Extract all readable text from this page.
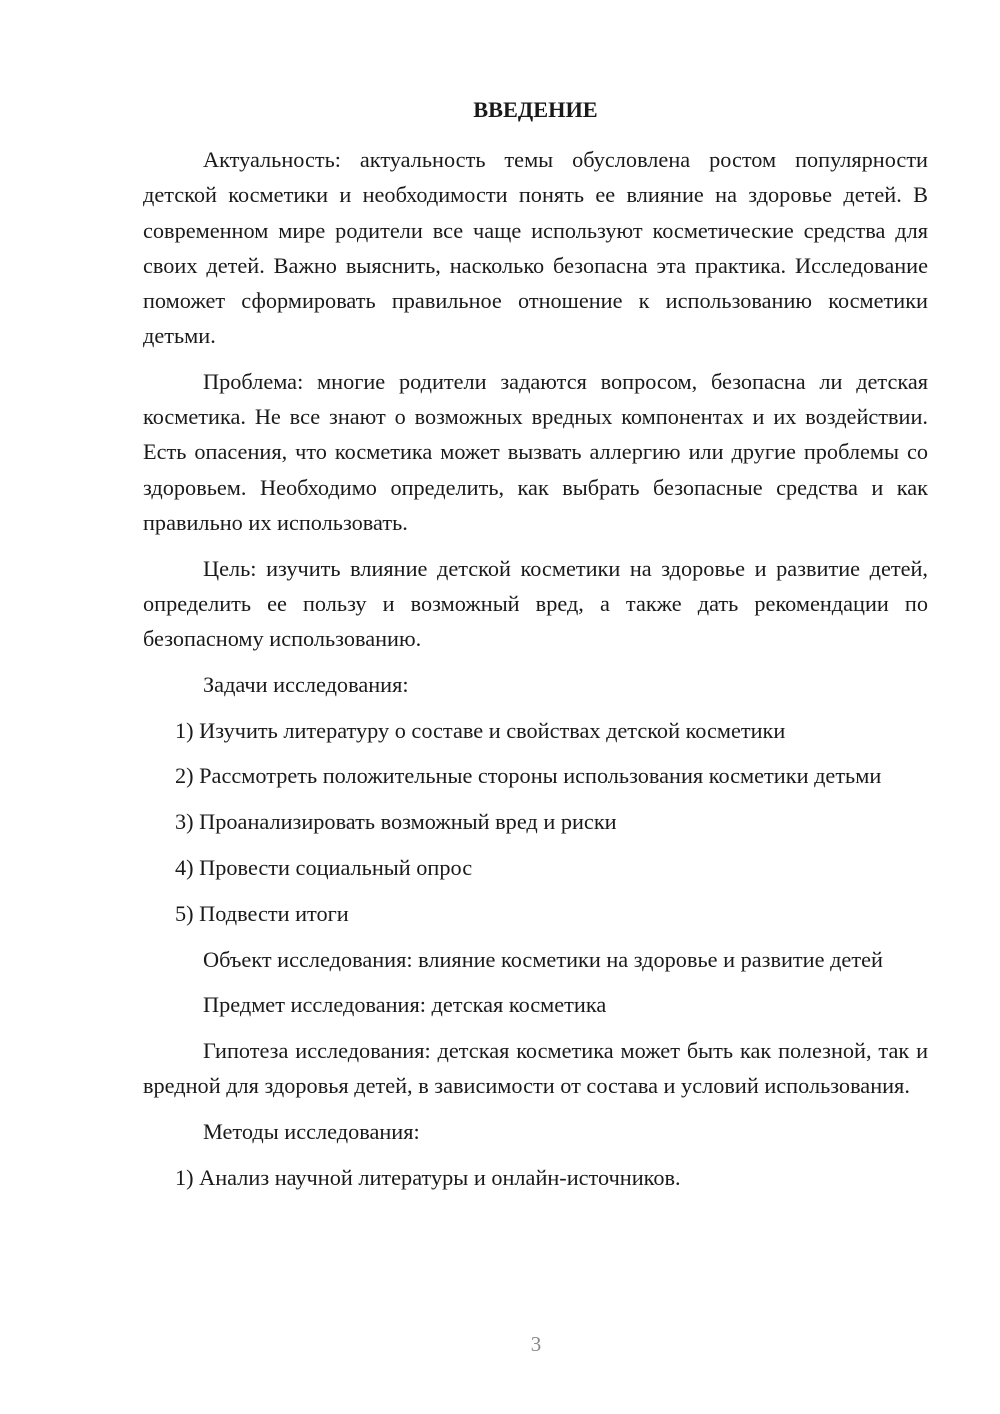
ВВЕДЕНИЕ

Актуальность: актуальность темы обусловлена ростом популярности детской косметики и необходимости понять ее влияние на здоровье детей. В современном мире родители все чаще используют косметические средства для своих детей. Важно выяснить, насколько безопасна эта практика. Исследование поможет сформировать правильное отношение к использованию косметики детьми.

Проблема: многие родители задаются вопросом, безопасна ли детская косметика. Не все знают о возможных вредных компонентах и их воздействии. Есть опасения, что косметика может вызвать аллергию или другие проблемы со здоровьем. Необходимо определить, как выбрать безопасные средства и как правильно их использовать.

Цель: изучить влияние детской косметики на здоровье и развитие детей, определить ее пользу и возможный вред, а также дать рекомендации по безопасному использованию.

Задачи исследования:

1) Изучить литературу о составе и свойствах детской косметики

2) Рассмотреть положительные стороны использования косметики детьми

3) Проанализировать возможный вред и риски

4) Провести социальный опрос

5) Подвести итоги

Объект исследования: влияние косметики на здоровье и развитие детей

Предмет исследования: детская косметика

Гипотеза исследования: детская косметика может быть как полезной, так и вредной для здоровья детей, в зависимости от состава и условий использования.

Методы исследования:

1) Анализ научной литературы и онлайн-источников.

3
